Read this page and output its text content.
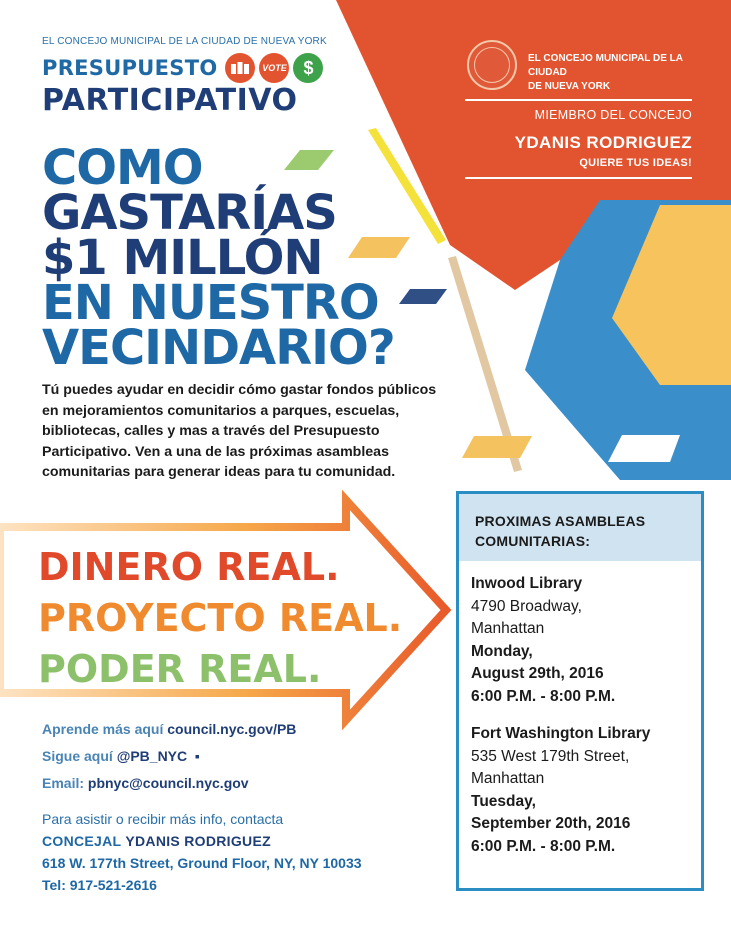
EL CONCEJO MUNICIPAL DE LA CIUDAD DE NUEVA YORK
PRESUPUESTO	VOTE $
PARTICIPATIVO
EL CONCEJO MUNICIPAL DE LA CIUDAD
DE NUEVA YORK
MIEMBRO DEL CONCEJO
YDANIS RODRIGUEZ
QUIERE TUS IDEAS!
COMO
GASTARÍAS
$1 MILLÓN
EN NUESTRO
VECINDARIO?
Tú puedes ayudar en decidir cómo gastar fondos públicos
en mejoramientos comunitarios a parques, escuelas,
bibliotecas, calles y mas a través del Presupuesto
Participativo. Ven a una de las próximas asambleas
comunitarias para generar ideas para tu comunidad.
DINERO REAL.
PROYECTO REAL.
PODER REAL.
Aprende más aquí council.nyc.gov/PB
Sigue aquí @PB_NYC  ▪
Email: pbnyc@council.nyc.gov
Para asistir o recibir más info, contacta
CONCEJAL YDANIS RODRIGUEZ
618 W. 177th Street, Ground Floor, NY, NY 10033
Tel: 917-521-2616
PROXIMAS ASAMBLEAS
COMUNITARIAS:
Inwood Library
4790 Broadway,
Manhattan
Monday,
August 29th, 2016
6:00 P.M. - 8:00 P.M.
Fort Washington Library
535 West 179th Street,
Manhattan
Tuesday,
September 20th, 2016
6:00 P.M. - 8:00 P.M.
